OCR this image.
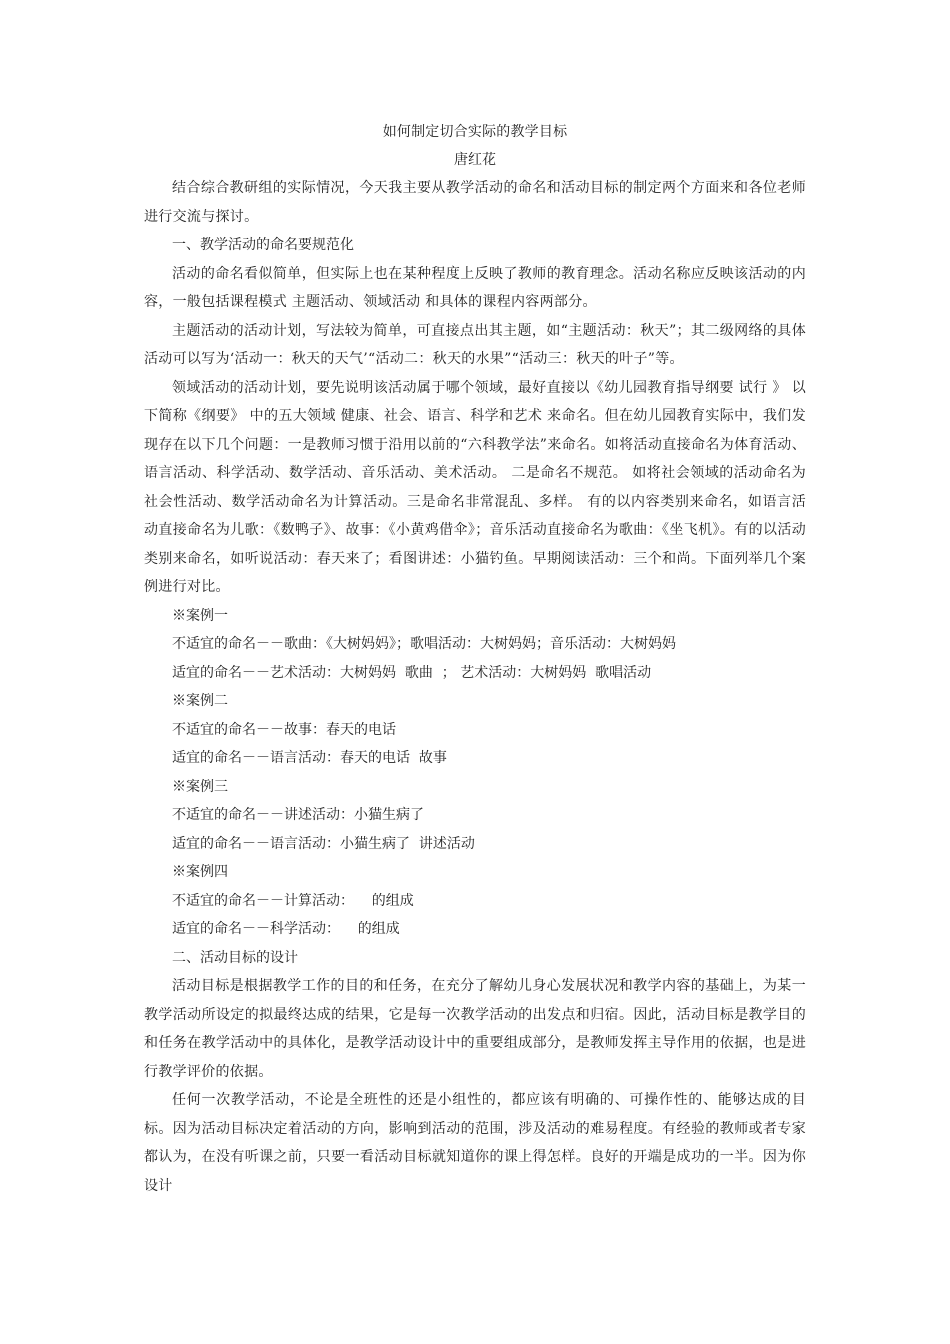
如何制定切合实际的教学目标

唐红花

结合综合教研组的实际情况，今天我主要从教学活动的命名和活动目标的制定两个方面来和各位老师进行交流与探讨。

一、教学活动的命名要规范化

活动的命名看似简单，但实际上也在某种程度上反映了教师的教育理念。活动名称应反映该活动的内容，一般包括课程模式 主题活动、领域活动 和具体的课程内容两部分。

主题活动的活动计划，写法较为简单，可直接点出其主题，如“主题活动：秋天”；其二级网络的具体活动可以写为‘活动一：秋天的天气’“活动二：秋天的水果”“活动三：秋天的叶子”等。

领域活动的活动计划，要先说明该活动属于哪个领域，最好直接以《幼儿园教育指导纲要 试行 》 以下简称《纲要》 中的五大领域 健康、社会、语言、科学和艺术 来命名。但在幼儿园教育实际中，我们发现存在以下几个问题：一是教师习惯于沿用以前的“六科教学法”来命名。如将活动直接命名为体育活动、语言活动、科学活动、数学活动、音乐活动、美术活动。 二是命名不规范。 如将社会领域的活动命名为社会性活动、数学活动命名为计算活动。三是命名非常混乱、多样。 有的以内容类别来命名，如语言活动直接命名为儿歌：《数鸭子》、故事：《小黄鸡借伞》；音乐活动直接命名为歌曲：《坐飞机》。有的以活动类别来命名，如听说活动：春天来了；看图讲述：小猫钓鱼。早期阅读活动：三个和尚。下面列举几个案例进行对比。

※案例一

不适宜的命名－－歌曲：《大树妈妈》；歌唱活动：大树妈妈；音乐活动：大树妈妈

适宜的命名－－艺术活动：大树妈妈  歌曲  ； 艺术活动：大树妈妈  歌唱活动

※案例二

不适宜的命名－－故事：春天的电话

适宜的命名－－语言活动：春天的电话  故事

※案例三

不适宜的命名－－讲述活动：小猫生病了

适宜的命名－－语言活动：小猫生病了  讲述活动

※案例四

不适宜的命名－－计算活动：    的组成

适宜的命名－－科学活动：    的组成

二、活动目标的设计

活动目标是根据教学工作的目的和任务，在充分了解幼儿身心发展状况和教学内容的基础上，为某一教学活动所设定的拟最终达成的结果，它是每一次教学活动的出发点和归宿。因此，活动目标是教学目的和任务在教学活动中的具体化，是教学活动设计中的重要组成部分，是教师发挥主导作用的依据，也是进行教学评价的依据。

任何一次教学活动，不论是全班性的还是小组性的，都应该有明确的、可操作性的、能够达成的目标。因为活动目标决定着活动的方向，影响到活动的范围，涉及活动的难易程度。有经验的教师或者专家都认为，在没有听课之前，只要一看活动目标就知道你的课上得怎样。良好的开端是成功的一半。因为你设计
